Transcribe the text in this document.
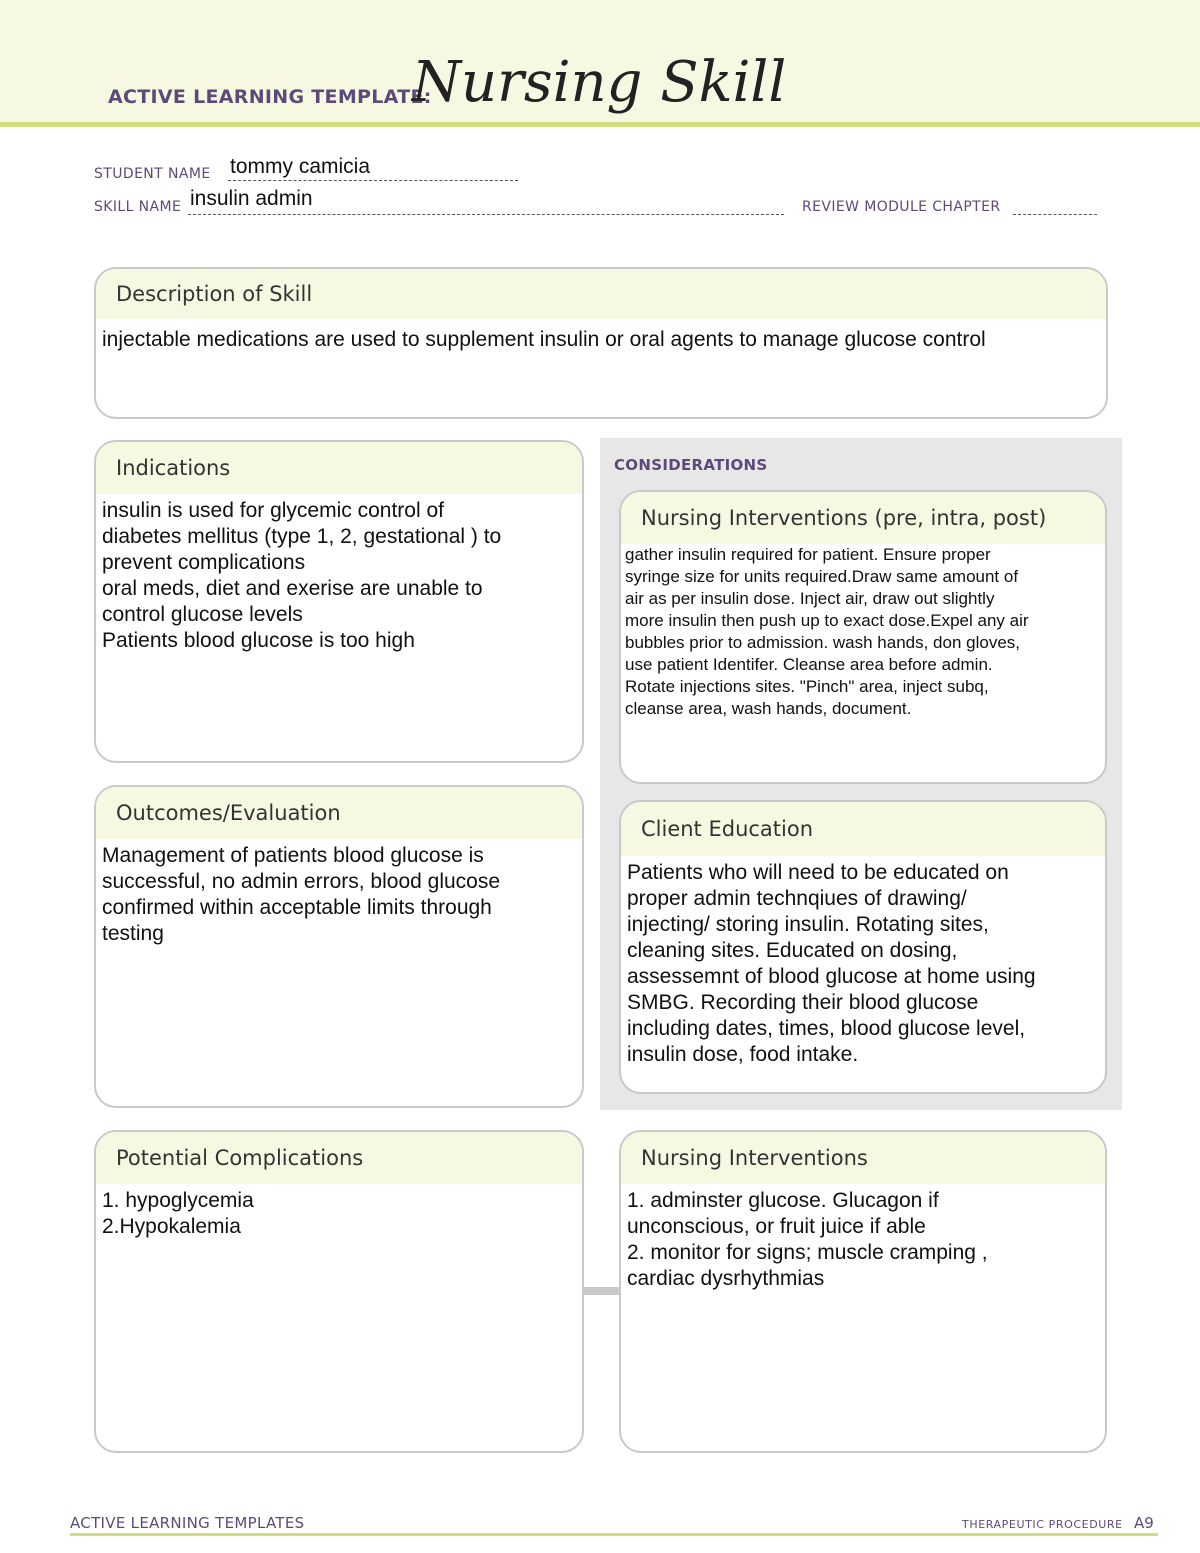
ACTIVE LEARNING TEMPLATE:
Nursing Skill
STUDENT NAME tommy camicia
SKILL NAME insulin admin	REVIEW MODULE CHAPTER
Description of Skill
injectable medications are used to supplement insulin or oral agents to manage glucose control
CONSIDERATIONS
Indications
insulin is used for glycemic control of
diabetes mellitus (type 1, 2, gestational ) to
prevent complications
oral meds, diet and exerise are unable to
control glucose levels
Patients blood glucose is too high
Nursing Interventions (pre, intra, post)
gather insulin required for patient. Ensure proper
syringe size for units required.Draw same amount of
air as per insulin dose. Inject air, draw out slightly
more insulin then push up to exact dose.Expel any air
bubbles prior to admission. wash hands, don gloves,
use patient Identifer. Cleanse area before admin.
Rotate injections sites. "Pinch" area, inject subq,
cleanse area, wash hands, document.
Outcomes/Evaluation
Management of patients blood glucose is
successful, no admin errors, blood glucose
confirmed within acceptable limits through
testing
Client Education
Patients who will need to be educated on
proper admin technqiues of drawing/
injecting/ storing insulin. Rotating sites,
cleaning sites. Educated on dosing,
assessemnt of blood glucose at home using
SMBG. Recording their blood glucose
including dates, times, blood glucose level,
insulin dose, food intake.
Potential Complications
1. hypoglycemia
2.Hypokalemia
Nursing Interventions
1. adminster glucose. Glucagon if
unconscious, or fruit juice if able
2. monitor for signs; muscle cramping ,
cardiac dysrhythmias
ACTIVE LEARNING TEMPLATES	THERAPEUTIC PROCEDURE A9
